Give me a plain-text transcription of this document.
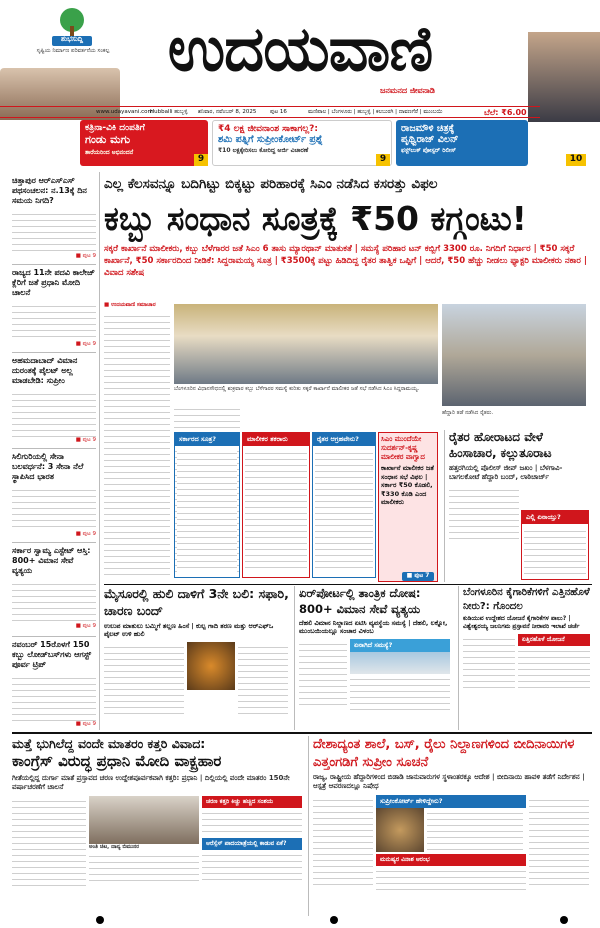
ಶುಭಸುದ್ದಿ
ಸೃಷ್ಟಿಯ ನಿರ್ಮಾಣ ಪರಿವರ್ತನೆಯ ಸಂಕಲ್ಪ ಉದಯವಾಣಿ
ಜನಮನದ ಜೀವನಾಡಿ
www.udayavani.com
Hubballi ಹುಬ್ಬಳ್ಳಿ ಶನಿವಾರ, ನವೆಂಬರ್ 8, 2025 ಪುಟ 16	ಮಣಿಪಾಲ | ಬೆಂಗಳೂರು | ಹುಬ್ಬಳ್ಳಿ | ಕಲಬುರಗಿ | ದಾವಣಗೆರೆ | ಮುಂಬಯಿ	ಬೆಲೆ: ₹6.00
ಕತ್ರಿನಾ-ವಿಕಿ ದಂಪತಿಗೆ
ಗಂಡು ಮಗು
ತಾರೆಯರಿಂದ ಅಭಿನಂದನೆ
9
₹4 ಲಕ್ಷ ಜೀವನಾಂಶ ಸಾಕಾಗಲ್ಲ?:
ಶಮಿ ಪತ್ನಿಗೆ ಸುಪ್ರೀಂಕೋರ್ಟ್ ಪ್ರಶ್ನೆ
₹10 ಲಕ್ಷಕ್ಕೇರಿಸಲು ಕೋರಿದ್ದ ಅರ್ಜಿ ವಿಚಾರಣೆ
9
ರಾಜಮೌಳಿ ಚಿತ್ರಕ್ಕೆ
ಪೃಥ್ವಿರಾಜ್ ವಿಲನ್
ಫಸ್ಟ್‌ಲುಕ್ ಪೋಸ್ಟರ್ ರಿಲೀಸ್
10
ಚಿತ್ತಾಪುರ ಆರ್‌ಎಸ್‌ಎಸ್ ಪಥಸಂಚಲನ: ನ.13ಕ್ಕೆ ದಿನ ಸಮಯ ನಿಗದಿ?
■ ಪುಟ 9
ರಾಜ್ಯದ 11ನೇ ಪದವಿ ಕಾಲೇಜ್ ಕ್ಲೆರಿಗೆ ಜತೆ ಪ್ರಧಾನಿ ಮೋದಿ ಚಾಲನೆ
■ ಪುಟ 9
ಅಹಮದಾಬಾದ್ ವಿಮಾನ ದುರಂತಕ್ಕೆ ಪೈಲಟ್ ಅಲ್ಲ ಮಾಡಬೇಡಿ: ಸುಪ್ರೀಂ
■ ಪುಟ 9
ಸಿಲಿಗುರಿಯಲ್ಲಿ ಸೇನಾ ಬಲವರ್ಧನೆ: 3 ಸೇನಾ ನೆಲೆ ಸ್ಥಾಪಿಸಿದ ಭಾರತ
■ ಪುಟ 9
ಸರ್ಕಾರ ಸ್ವಾಮ್ಯ ಎಸ್ಟೇಟ್ ಆಸ್ತಿ: 800+ ವಿಮಾನ ಸೇವೆ ವ್ಯತ್ಯಯ
■ ಪುಟ 9
ನವಂಬರ್ 15ರೊಳಗೆ 150 ಕಬ್ಬು ಲೋಡ್‌ಬಸ್‌ಗಳು ಆಗಸ್ಟ್ ಪೂರ್ವ ಟ್ರಿಪ್
■ ಪುಟ 9
ಎಲ್ಲ ಕೆಲಸವನ್ನೂ ಬದಿಗಿಟ್ಟು ಬಿಕ್ಕಟ್ಟು ಪರಿಹಾರಕ್ಕೆ ಸಿಎಂ ನಡೆಸಿದ ಕಸರತ್ತು ವಿಫಲ
ಕಬ್ಬು ಸಂಧಾನ ಸೂತ್ರಕ್ಕೆ ₹50 ಕಗ್ಗಂಟು!
ಸಕ್ಕರೆ ಕಾರ್ಖಾನೆ ಮಾಲೀಕರು, ಕಬ್ಬು ಬೆಳೆಗಾರರ ಜತೆ ಸಿಎಂ 6 ತಾಸು ಮ್ಯಾರಥಾನ್ ಮಾತುಕತೆ | ಸಮಸ್ಯೆ ಪರಿಹಾರ ಟನ್ ಕಬ್ಬಿಗೆ 3300 ರೂ. ನಿಗದಿಗೆ ನಿರ್ಧಾರ | ₹50 ಸಕ್ಕರೆ ಕಾರ್ಖಾನೆ, ₹50 ಸರ್ಕಾರದಿಂದ ನೀಡಿಕೆ: ಸಿದ್ದರಾಮಯ್ಯ ಸೂತ್ರ | ₹3500ಕ್ಕೆ ಪಟ್ಟು ಹಿಡಿದಿದ್ದ ರೈತರ ತಾತ್ವಿಕ ಒಪ್ಪಿಗೆ | ಆದರೆ, ₹50 ಹೆಚ್ಚು ನೀಡಲು ಫ್ಯಾಕ್ಟರಿ ಮಾಲೀಕರು ನಕಾರ | ವಿವಾದ ಸಶೇಷ
ಬೆಂಗಳೂರಿನ ವಿಧಾನಸೌಧದಲ್ಲಿ ಶುಕ್ರವಾರ ಕಬ್ಬು ಬೆಳೆಗಾರರ ಸಮಸ್ಯೆ ಕುರಿತು ಸಕ್ಕರೆ ಕಾರ್ಖಾನೆ ಮಾಲೀಕರ ಜತೆ ಸಭೆ ನಡೆಸಿದ ಸಿಎಂ ಸಿದ್ದರಾಮಯ್ಯ.
ಹೆದ್ದಾರಿ ತಡೆ ನಡೆಸಿದ ರೈತರು.
■ ಉದಯವಾಣಿ ಸಮಾಚಾರ
ಸರ್ಕಾರದ ಸೂತ್ರ?	ಮಾಲೀಕರ ತಕರಾರು	ರೈತರ ಆಗ್ರಹವೇನು?	ಸಿಎಂ ಮುಂದೆಯೇ ಸುದರ್ಶನ್-ಕೃಷ್ಣ ಮಾಲೀಕರ ವಾಗ್ವಾದ
ಕಾರ್ಖಾನೆ ಮಾಲೀಕರ ಜತೆ ಸಂಧಾನ ಸಭೆ ವಿಫಲ | ಸರ್ಕಾರ ₹50 ಕೊಡಲಿ, ₹330 ಕೊಡಿ ಎಂದ ಮಾಲೀಕರು
■ ಪುಟ 7
ರೈತರ ಹೋರಾಟದ ವೇಳೆ ಹಿಂಸಾಚಾರ, ಕಲ್ಲುತೂರಾಟ
ಹತ್ತರಗಿಯಲ್ಲಿ ಪೊಲೀಸ್ ಜೀಪ್ ಜಖಂ | ಬೆಳಗಾವಿ-ಬಾಗಲಕೋಟೆ ಹೆದ್ದಾರಿ ಬಂದ್, ಲಾಠಿಚಾರ್ಜ್
ಎಲ್ಲಿ ಏನಾಯ್ತು?
ಮೈಸೂರಲ್ಲಿ ಹುಲಿ ದಾಳಿಗೆ 3ನೇ ಬಲಿ: ಸಫಾರಿ, ಚಾರಣ ಬಂದ್
ಉಲುಪ ಮಾತುಲು ಬಮ್ಮಿಗೆ ತಲ್ಲಣ ಹಿಂಸೆ | ಕುಲ್ಪ ಗಾದಿ ತರಣ ಮತ್ತು ಆರ್‌ಎಫ್‌ಒ ಪೈಲಟ್ ಉಳಿ ಹುಲಿ
ಏರ್‌ಪೋರ್ಟಲ್ಲಿ ತಾಂತ್ರಿಕ ದೋಷ: 800+ ವಿಮಾನ ಸೇವೆ ವ್ಯತ್ಯಯ
ದೆಹಲಿ ವಿಮಾನ ನಿಲ್ದಾಣದ ಏಟಿಸಿ ವ್ಯವಸ್ಥೆಯ ಸಮಸ್ಯೆ | ದೆಹಲಿ, ಲಕ್ನೋ, ಮುಂಬಯಿಯಲ್ಲೂ ಸಂಚಾರ ವಿಳಂಬ
ಏನಾಗಿದೆ ಸಮಸ್ಯೆ?
ಬೆಂಗಳೂರಿನ ಕೈಗಾರಿಕೆಗಳಿಗೆ ಎತ್ತಿನಹೊಳೆ ನೀರು?: ಗೊಂದಲ
ಕುಡಿಯುವ ಉದ್ದೇಶದ ಯೋಜನೆ ಕೈಗಾರಿಕೆಗಳ ಪಾಲು? | ವಿಶ್ವೇಶ್ವರಯ್ಯ ಜಲನಿಗಮ ಪ್ರಸ್ತಾವನೆ ನೀರಾವರಿ ಇಲಾಖೆ ಚರ್ಚೆ
ಏತ್ತಿನಹೊಳೆ ಯೋಜನೆ
ಮತ್ತೆ ಭುಗಿಲೆದ್ದ ವಂದೇ ಮಾತರಂ ಕತ್ತರಿ ವಿವಾದ:
ಕಾಂಗ್ರೆಸ್ ವಿರುದ್ಧ ಪ್ರಧಾನಿ ಮೋದಿ ವಾಕ್ಪ್ರಹಾರ
ಗೀತೆಯಲ್ಲಿದ್ದ ದುರ್ಗಾ ಮಾತೆ ಪ್ರಸ್ತಾವದ ಚರಣ ಉದ್ದೇಶಪೂರ್ವಕವಾಗಿ ಕತ್ತರಿ: ಪ್ರಧಾನಿ | ದಿಲ್ಲಿಯಲ್ಲಿ ವಂದೇ ಮಾತರಂ 150ನೇ ವರ್ಷಾಚರಣೆಗೆ ಚಾಲನೆ
ಅಂತಿ ಚಿಟ, ದಾನ್ಯ ಬಿಮುನರ
ಚರಣ ಕತ್ತರಿ ಕಿಚ್ಚು ಹಚ್ಚಿದ ಸಂಶಯ
ಆರೆಸ್ಸೆಸ್ ಪಾದಯಾತ್ರೆಯಲ್ಲಿ ಕಾಡುವ ಏಕೆ?
ದೇಶಾದ್ಯಂತ ಶಾಲೆ, ಬಸ್, ರೈಲು ನಿಲ್ದಾಣಗಳಿಂದ ಬೀದಿನಾಯಿಗಳ ಎತ್ತಂಗಡಿಗೆ ಸುಪ್ರೀಂ ಸೂಚನೆ
ರಾಜ್ಯ, ರಾಷ್ಟ್ರೀಯ ಹೆದ್ದಾರಿಗಳಿಂದ ಬಿಡಾಡಿ ಜಾನುವಾರುಗಳ ಸ್ಥಳಾಂತರಕ್ಕೂ ಆದೇಶ | ಬೀದಿನಾಯಿ ಹಾವಳಿ ತಡೆಗೆ ನಿರ್ದೇಶನ | ಆಸ್ಪತ್ರೆ ಆವರಣದಲ್ಲೂ ನಿಷೇಧ
ಸುಪ್ರೀಂಕೋರ್ಟ್ ಹೇಳಿದ್ದೇನು?
ಮನುಷ್ಯರ ವಿನಾಶ ಆರಂಭ
